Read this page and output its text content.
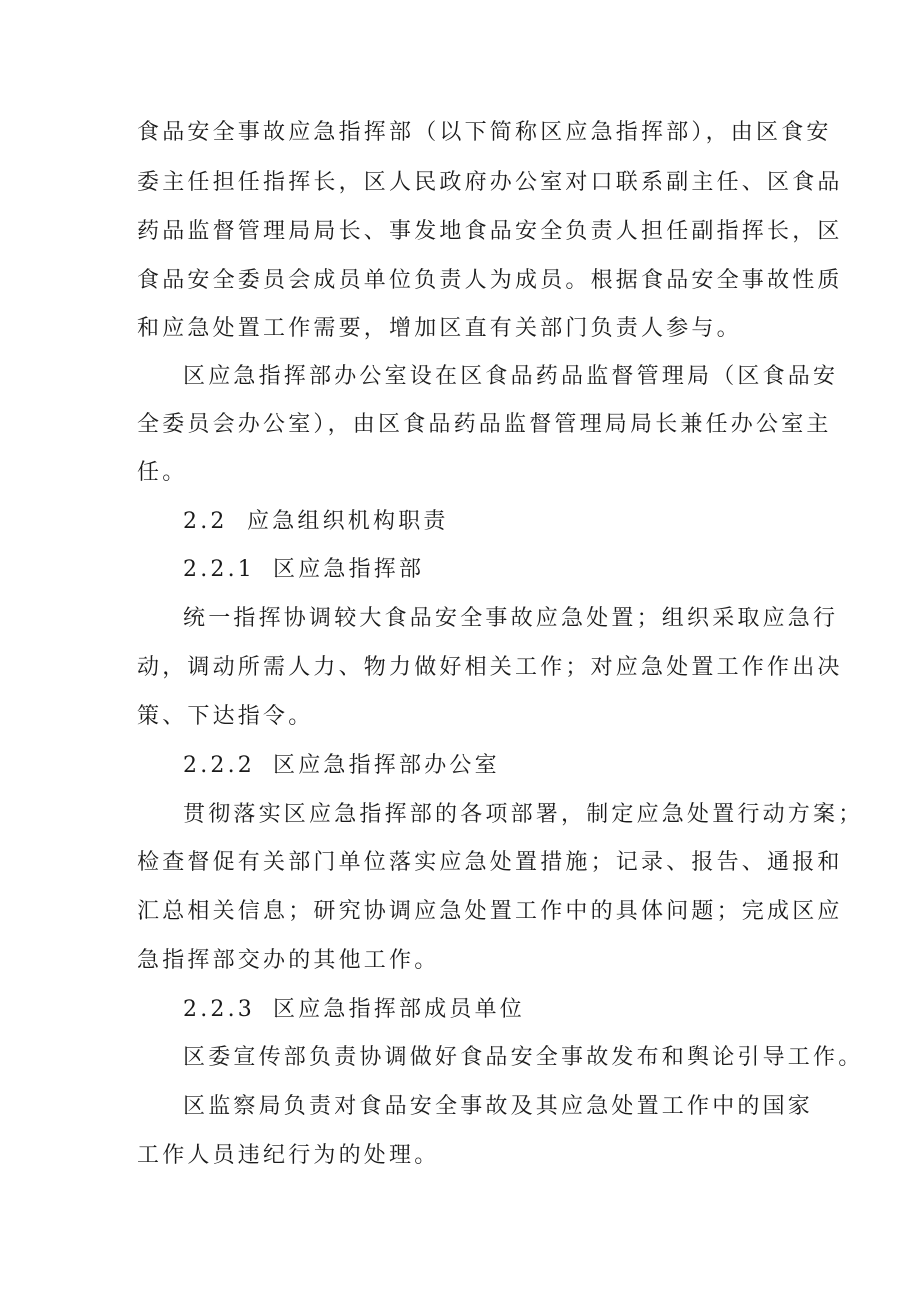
食品安全事故应急指挥部（以下简称区应急指挥部），由区食安
委主任担任指挥长，区人民政府办公室对口联系副主任、区食品
药品监督管理局局长、事发地食品安全负责人担任副指挥长，区
食品安全委员会成员单位负责人为成员。根据食品安全事故性质
和应急处置工作需要，增加区直有关部门负责人参与。
区应急指挥部办公室设在区食品药品监督管理局（区食品安
全委员会办公室），由区食品药品监督管理局局长兼任办公室主
任。
2.2 应急组织机构职责
2.2.1 区应急指挥部
统一指挥协调较大食品安全事故应急处置；组织采取应急行
动，调动所需人力、物力做好相关工作；对应急处置工作作出决
策、下达指令。
2.2.2 区应急指挥部办公室
贯彻落实区应急指挥部的各项部署，制定应急处置行动方案；
检查督促有关部门单位落实应急处置措施；记录、报告、通报和
汇总相关信息；研究协调应急处置工作中的具体问题；完成区应
急指挥部交办的其他工作。
2.2.3 区应急指挥部成员单位
区委宣传部负责协调做好食品安全事故发布和舆论引导工作。
区监察局负责对食品安全事故及其应急处置工作中的国家
工作人员违纪行为的处理。
